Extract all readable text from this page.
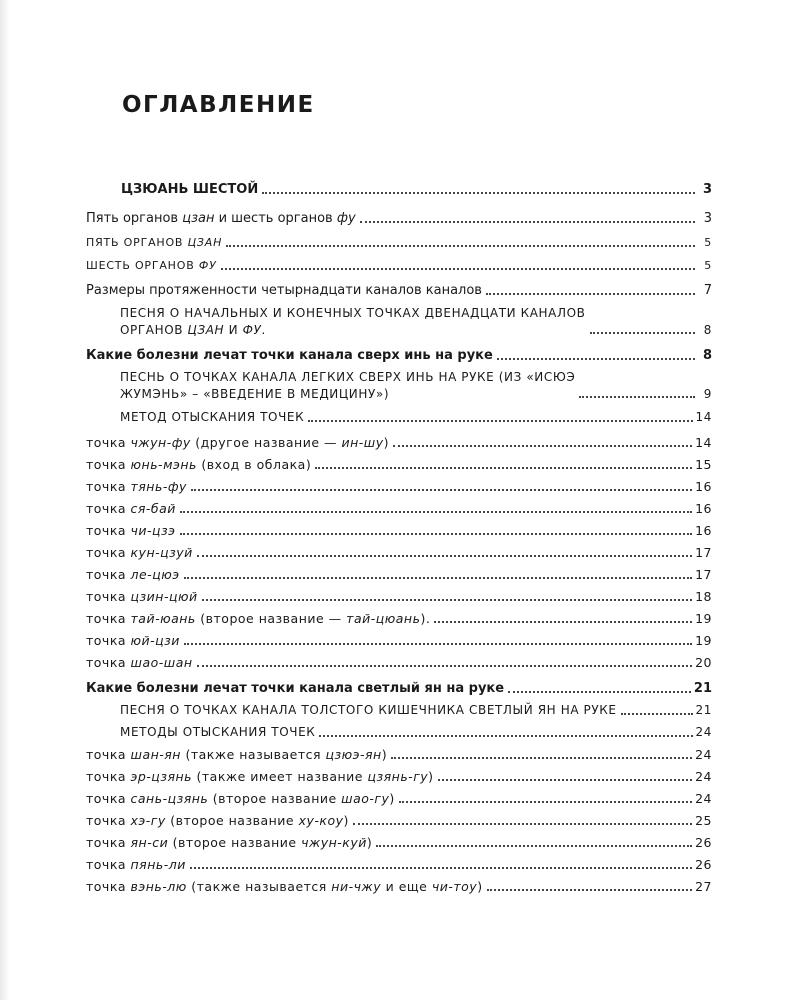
ОГЛАВЛЕНИЕ
ЦЗЮАНЬ ШЕСТОЙ	3
Пять органов цзан и шесть органов фу	3
ПЯТЬ ОРГАНОВ ЦЗАН	5
ШЕСТЬ ОРГАНОВ ФУ	5
Размеры протяженности четырнадцати каналов каналов	7
ПЕСНЯ О НАЧАЛЬНЫХ И КОНЕЧНЫХ ТОЧКАХ ДВЕНАДЦАТИ КАНАЛОВ
ОРГАНОВ ЦЗАН И ФУ.	8
Какие болезни лечат точки канала сверх инь на руке	8
ПЕСНЬ О ТОЧКАХ КАНАЛА ЛЕГКИХ СВЕРХ ИНЬ НА РУКЕ (ИЗ «ИСЮЭ
ЖУМЭНЬ» – «ВВЕДЕНИЕ В МЕДИЦИНУ»)	9
МЕТОД ОТЫСКАНИЯ ТОЧЕК	14
точка чжун-фу (другое название — ин-шу)	14
точка юнь-мэнь (вход в облака)	15
точка тянь-фу	16
точка ся-бай	16
точка чи-цзэ	16
точка кун-цзуй	17
точка ле-цюэ	17
точка цзин-цюй	18
точка тай-юань (второе название — тай-цюань).	19
точка юй-цзи	19
точка шао-шан	20
Какие болезни лечат точки канала светлый ян на руке	21
ПЕСНЯ О ТОЧКАХ КАНАЛА ТОЛСТОГО КИШЕЧНИКА СВЕТЛЫЙ ЯН НА РУКЕ	21
МЕТОДЫ ОТЫСКАНИЯ ТОЧЕК	24
точка шан-ян (также называется цзюэ-ян)	24
точка эр-цзянь (также имеет название цзянь-гу)	24
точка сань-цзянь (второе название шао-гу)	24
точка хэ-гу (второе название ху-коу)	25
точка ян-си (второе название чжун-куй)	26
точка пянь-ли	26
точка вэнь-лю (также называется ни-чжу и еще чи-тоу)	27
